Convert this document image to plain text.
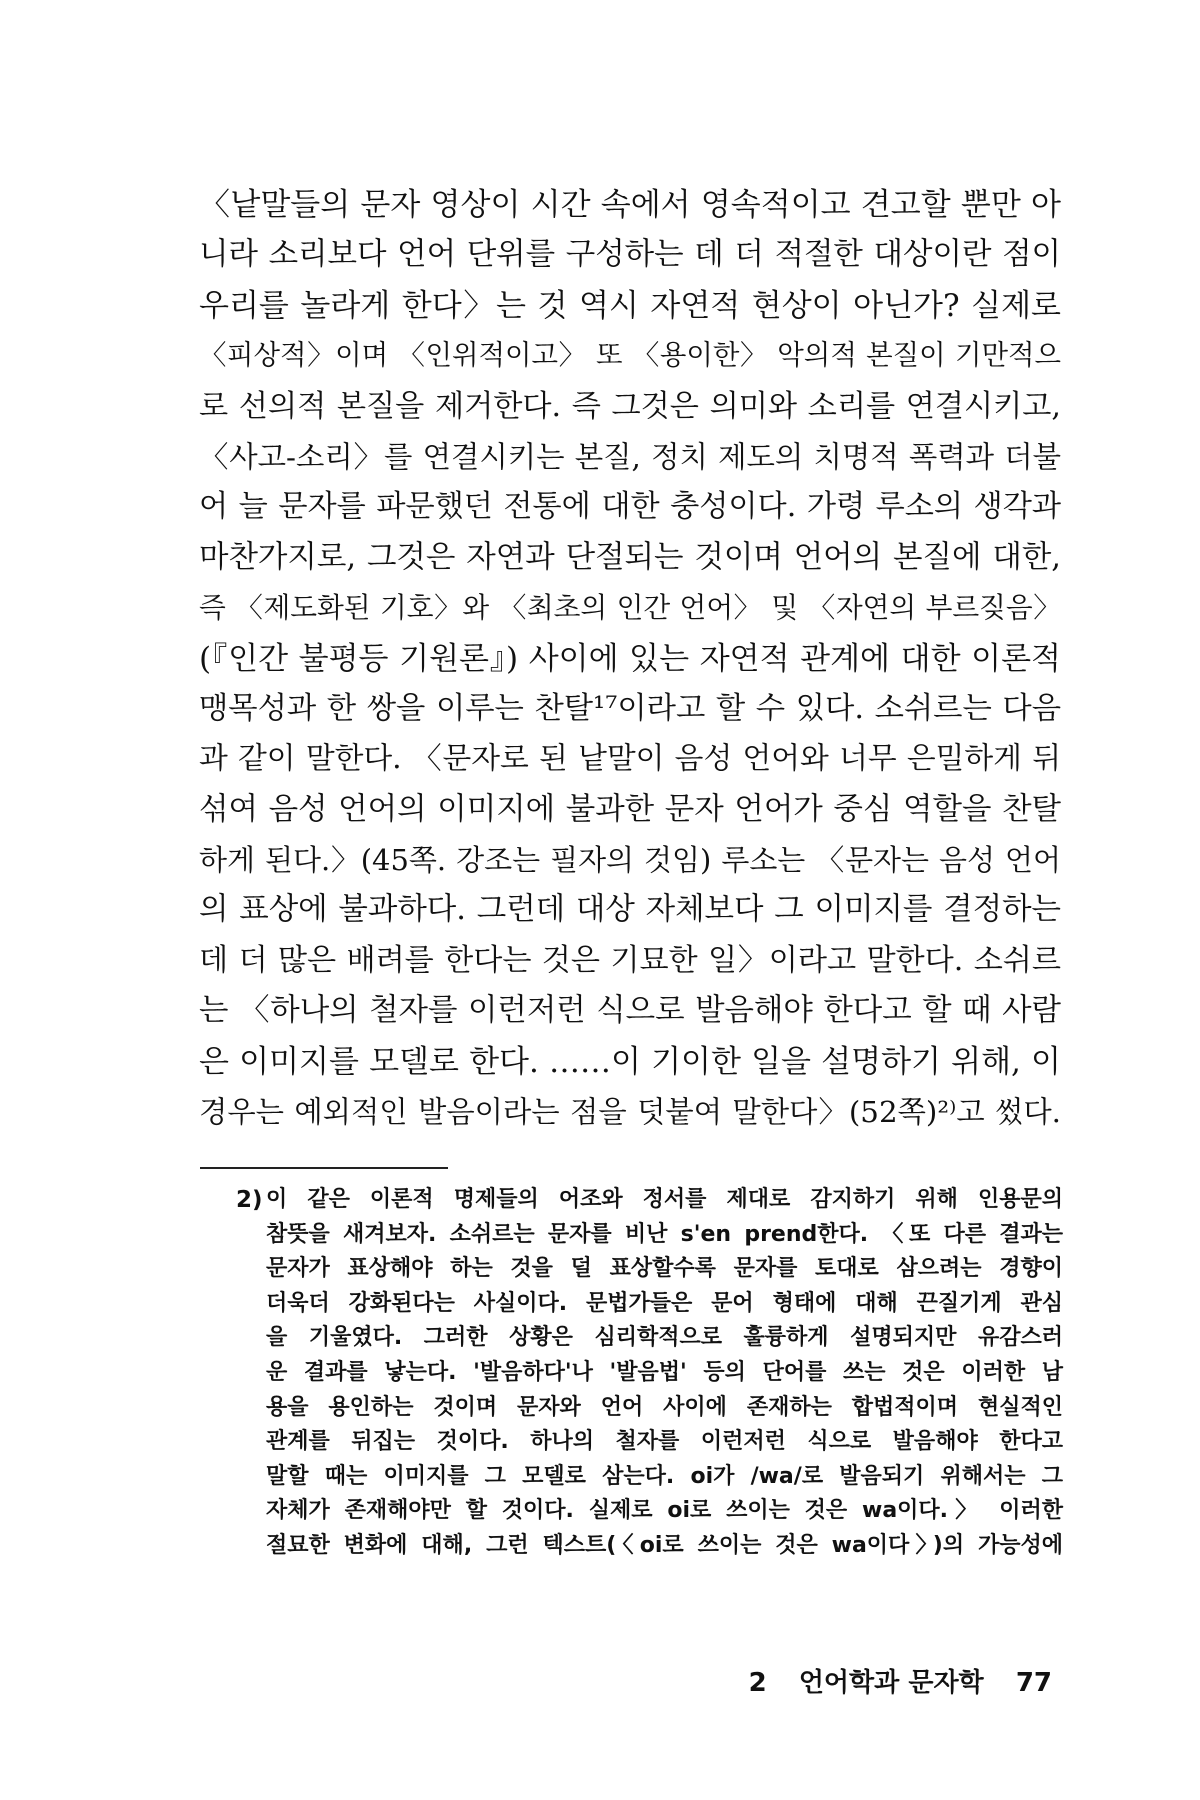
〈낱말들의 문자 영상이 시간 속에서 영속적이고 견고할 뿐만 아
니라 소리보다 언어 단위를 구성하는 데 더 적절한 대상이란 점이
우리를 놀라게 한다〉는 것 역시 자연적 현상이 아닌가? 실제로
〈피상적〉이며 〈인위적이고〉 또 〈용이한〉 악의적 본질이 기만적으
로 선의적 본질을 제거한다. 즉 그것은 의미와 소리를 연결시키고,
〈사고-소리〉를 연결시키는 본질, 정치 제도의 치명적 폭력과 더불
어 늘 문자를 파문했던 전통에 대한 충성이다. 가령 루소의 생각과
마찬가지로, 그것은 자연과 단절되는 것이며 언어의 본질에 대한,
즉 〈제도화된 기호〉와 〈최초의 인간 언어〉 및 〈자연의 부르짖음〉
(『인간 불평등 기원론』) 사이에 있는 자연적 관계에 대한 이론적
맹목성과 한 쌍을 이루는 찬탈¹⁷이라고 할 수 있다. 소쉬르는 다음
과 같이 말한다. 〈문자로 된 낱말이 음성 언어와 너무 은밀하게 뒤
섞여 음성 언어의 이미지에 불과한 문자 언어가 중심 역할을 찬탈
하게 된다.〉(45쪽. 강조는 필자의 것임) 루소는 〈문자는 음성 언어
의 표상에 불과하다. 그런데 대상 자체보다 그 이미지를 결정하는
데 더 많은 배려를 한다는 것은 기묘한 일〉이라고 말한다. 소쉬르
는 〈하나의 철자를 이런저런 식으로 발음해야 한다고 할 때 사람
은 이미지를 모델로 한다. ……이 기이한 일을 설명하기 위해, 이
경우는 예외적인 발음이라는 점을 덧붙여 말한다〉(52쪽)²⁾고 썼다.
2) 이 같은 이론적 명제들의 어조와 정서를 제대로 감지하기 위해 인용문의
참뜻을 새겨보자. 소쉬르는 문자를 비난 s'en prend한다. 〈또 다른 결과는
문자가 표상해야 하는 것을 덜 표상할수록 문자를 토대로 삼으려는 경향이
더욱더 강화된다는 사실이다. 문법가들은 문어 형태에 대해 끈질기게 관심
을 기울였다. 그러한 상황은 심리학적으로 훌륭하게 설명되지만 유감스러
운 결과를 낳는다. '발음하다'나 '발음법' 등의 단어를 쓰는 것은 이러한 남
용을 용인하는 것이며 문자와 언어 사이에 존재하는 합법적이며 현실적인
관계를 뒤집는 것이다. 하나의 철자를 이런저런 식으로 발음해야 한다고
말할 때는 이미지를 그 모델로 삼는다. oi가 /wa/로 발음되기 위해서는 그
자체가 존재해야만 할 것이다. 실제로 oi로 쓰이는 것은 wa이다.〉 이러한
절묘한 변화에 대해, 그런 텍스트(〈oi로 쓰이는 것은 wa이다〉)의 가능성에
2 언어학과 문자학 77
